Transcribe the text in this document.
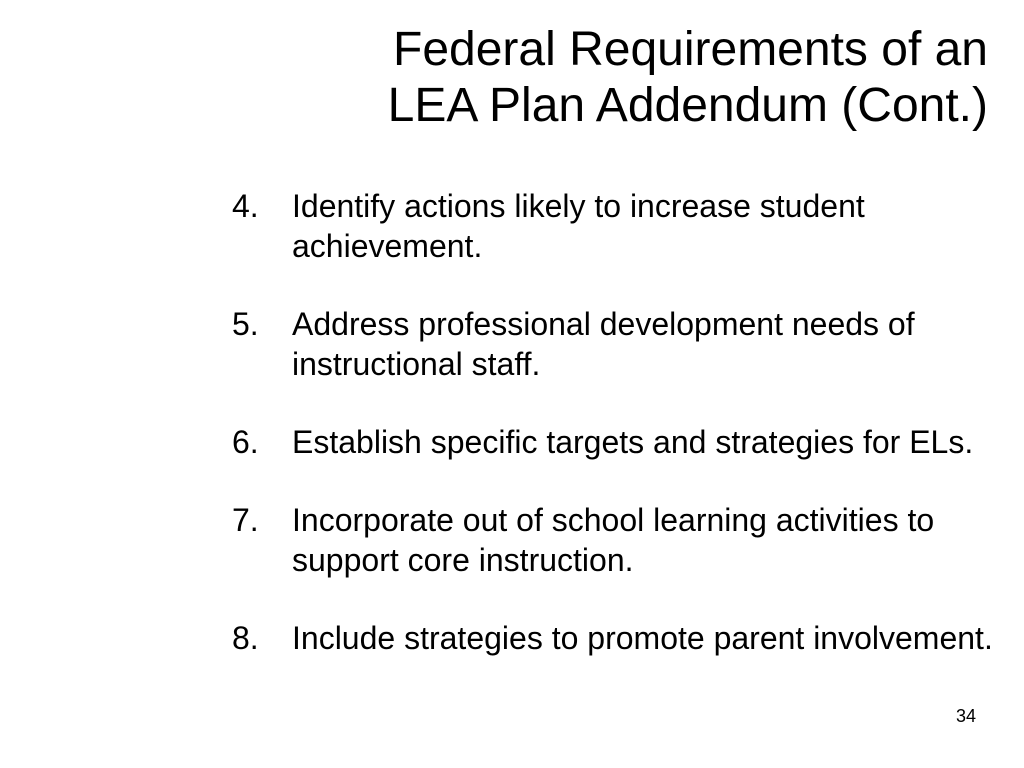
Federal Requirements of an
LEA Plan Addendum (Cont.)
4. Identify actions likely to increase student achievement.
5. Address professional development needs of instructional staff.
6. Establish specific targets and strategies for ELs.
7. Incorporate out of school learning activities to support core instruction.
8. Include strategies to promote parent involvement.
34
